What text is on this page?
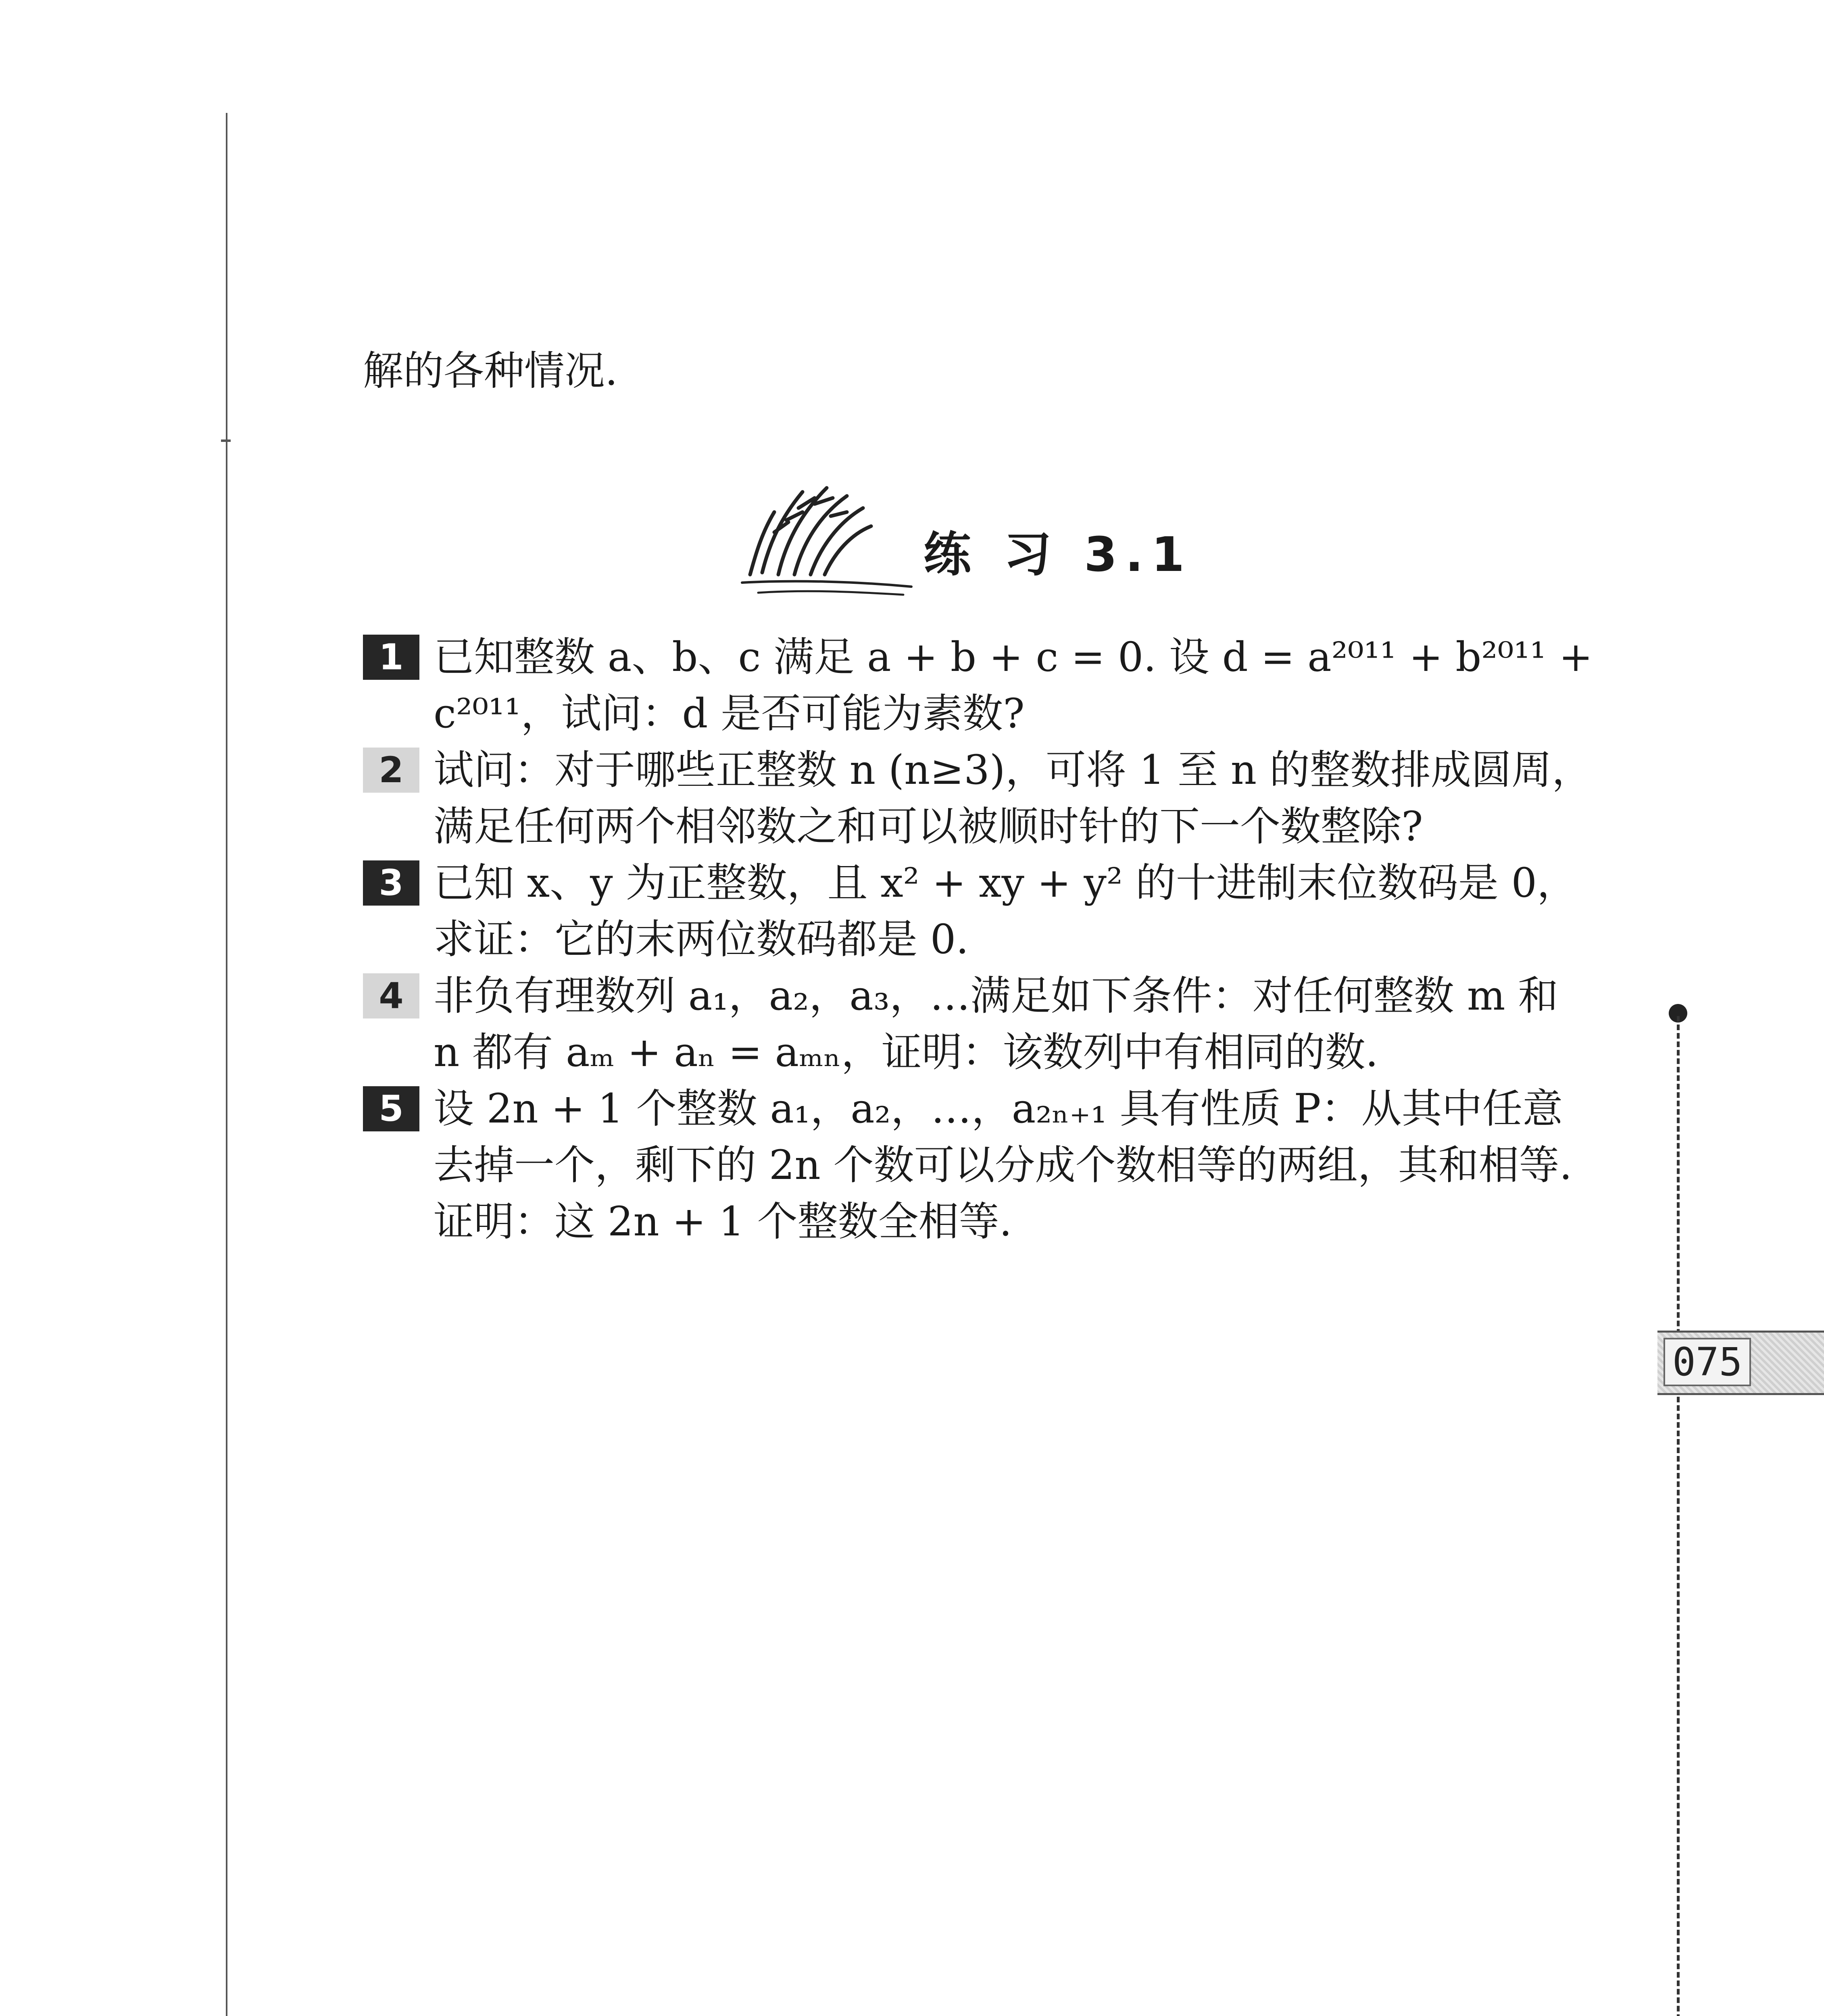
解的各种情况.
练 习 3.1
1 已知整数 a、b、c 满足 a + b + c = 0. 设 d = a²⁰¹¹ + b²⁰¹¹ + c²⁰¹¹，试问：d 是否可能为素数?
2 试问：对于哪些正整数 n (n≥3)，可将 1 至 n 的整数排成圆周，满足任何两个相邻数之和可以被顺时针的下一个数整除?
3 已知 x、y 为正整数，且 x² + xy + y² 的十进制末位数码是 0，求证：它的末两位数码都是 0.
4 非负有理数列 a₁，a₂，a₃，…满足如下条件：对任何整数 m 和 n 都有 aₘ + aₙ = aₘₙ，证明：该数列中有相同的数.
5 设 2n + 1 个整数 a₁，a₂，…，a₂ₙ₊₁ 具有性质 P：从其中任意去掉一个，剩下的 2n 个数可以分成个数相等的两组，其和相等. 证明：这 2n + 1 个整数全相等.
075
